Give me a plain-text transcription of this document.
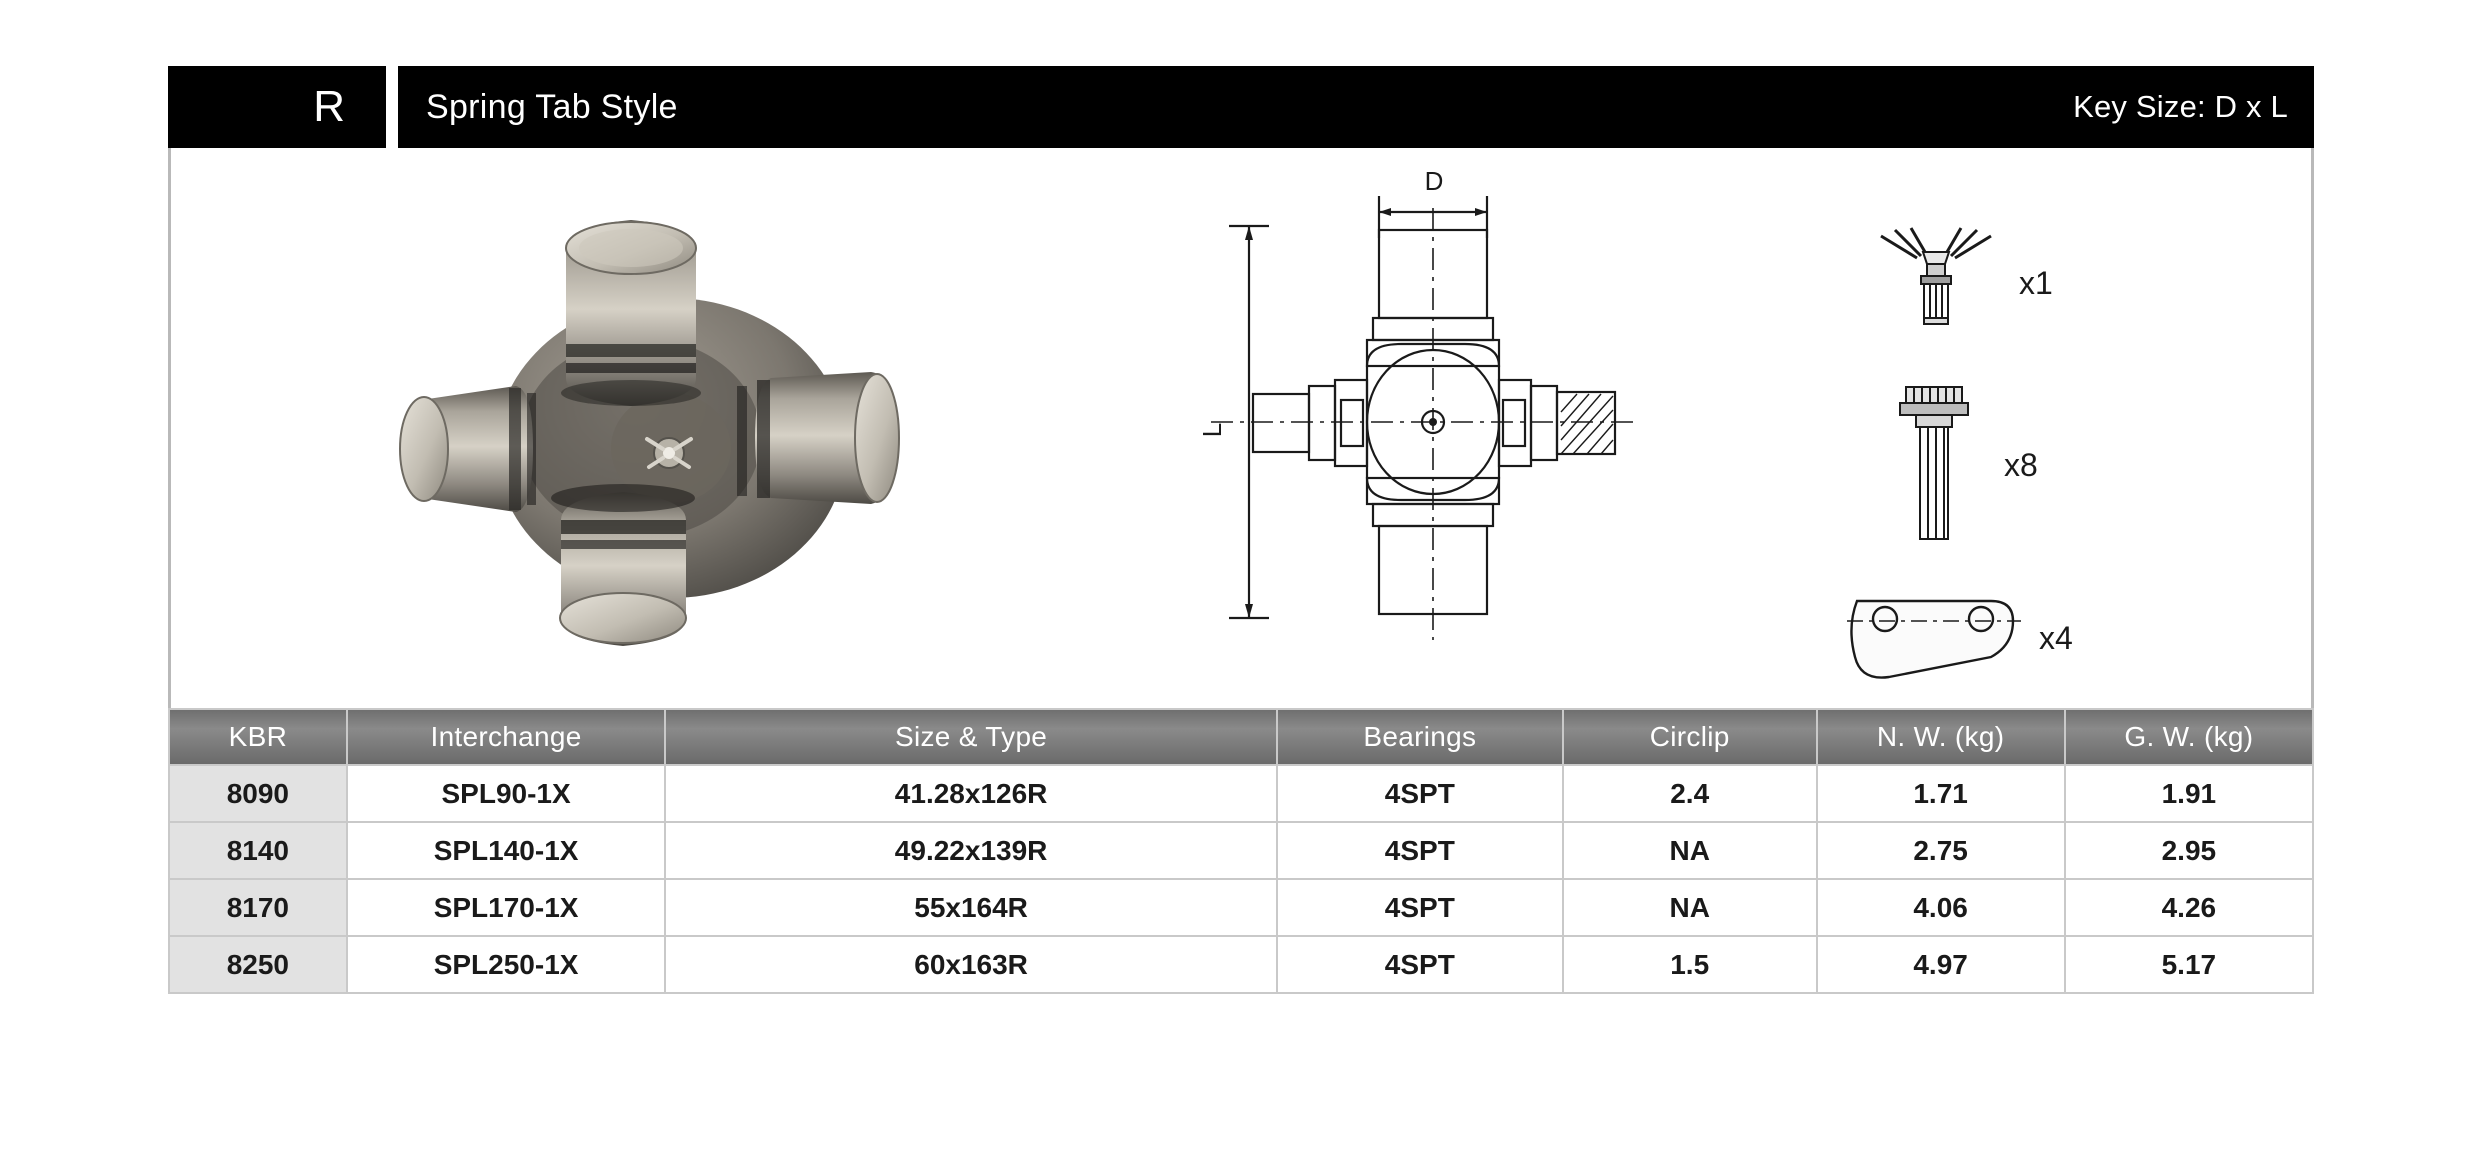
R	Spring Tab Style	Key Size: D x L
D
L
x1
x8
x4
KBR	Interchange	Size & Type	Bearings	Circlip	N. W. (kg)	G. W. (kg)
8090	SPL90-1X	41.28x126R	4SPT	2.4	1.71	1.91
8140	SPL140-1X	49.22x139R	4SPT	NA	2.75	2.95
8170	SPL170-1X	55x164R	4SPT	NA	4.06	4.26
8250	SPL250-1X	60x163R	4SPT	1.5	4.97	5.17
